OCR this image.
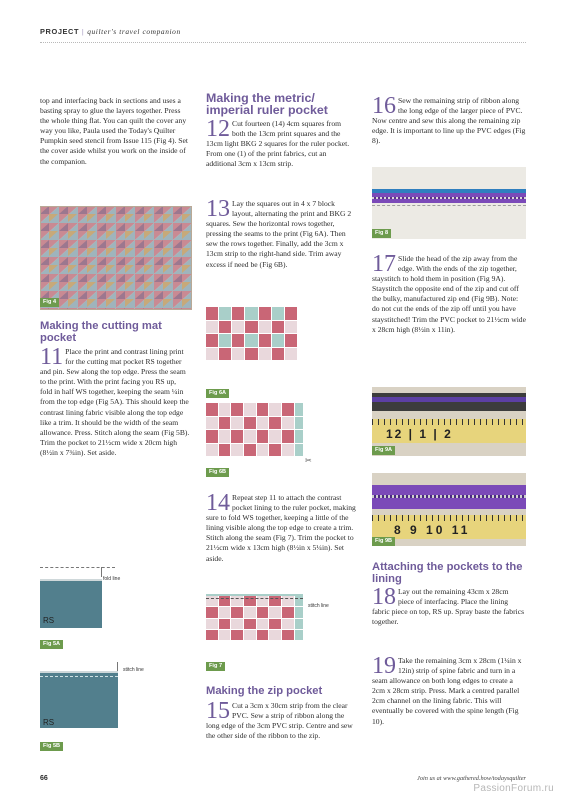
PROJECT | quilter's travel companion
top and interfacing back in sections and uses a basting spray to glue the layers together. Press the whole thing flat. You can quilt the cover any way you like, Paula used the Today's Quilter Pumpkin seed stencil from Issue 115 (Fig 4). Set the cover aside whilst you work on the inside of the companion.
Fig 4
Making the cutting mat pocket
11 Place the print and contrast lining print for the cutting mat pocket RS together and pin. Sew along the top edge. Press the seam to the print. With the print facing you RS up, fold in half WS together, keeping the seam ¼in from the top edge (Fig 5A). This should keep the contrast lining fabric visible along the top edge like a trim. It should be the width of the seam allowance. Press. Stitch along the seam (Fig 5B). Trim the pocket to 21½cm wide x 20cm high (8½in x 7¾in). Set aside.
fold line
RS
Fig 5A
stitch line
RS
Fig 5B
Making the metric/ imperial ruler pocket
12 Cut fourteen (14) 4cm squares from both the 13cm print squares and the 13cm light BKG 2 squares for the ruler pocket. From one (1) of the print fabrics, cut an additional 3cm x 13cm strip.
13 Lay the squares out in 4 x 7 block layout, alternating the print and BKG 2 squares. Sew the horizontal rows together, pressing the seams to the print (Fig 6A). Then sew the rows together. Finally, add the 3cm x 13cm strip to the right-hand side. Trim away excess if need be (Fig 6B).
Fig 6A
✂
Fig 6B
14 Repeat step 11 to attach the contrast pocket lining to the ruler pocket, making sure to fold WS together, keeping a little of the lining visible along the top edge to create a trim. Stitch along the seam (Fig 7). Trim the pocket to 21½cm wide x 13cm high (8½in x 5¼in). Set aside.
stitch line
Fig 7
Making the zip pocket
15 Cut a 3cm x 30cm strip from the clear PVC. Sew a strip of ribbon along the long edge of the 3cm PVC strip. Centre and sew the other side of the ribbon to the zip.
16 Sew the remaining strip of ribbon along the long edge of the larger piece of PVC. Now centre and sew this along the remaining zip edge. It is important to line up the PVC edges (Fig 8).
Fig 8
17 Slide the head of the zip away from the edge. With the ends of the zip together, staystitch to hold them in position (Fig 9A). Staystitch the opposite end of the zip and cut off the bulky, manufactured zip end (Fig 9B). Note: do not cut the ends of the zip off until you have staystitched! Trim the PVC pocket to 21½cm wide x 28cm high (8½in x 11in).
12 | 1 | 2
Fig 9A
8 9 10 11
Fig 9B
Attaching the pockets to the lining
18 Lay out the remaining 43cm x 28cm piece of interfacing. Place the lining fabric piece on top, RS up. Spray baste the fabrics together.
19 Take the remaining 3cm x 28cm (1¼in x 12in) strip of spine fabric and turn in a seam allowance on both long edges to create a 2cm x 28cm strip. Press. Mark a centred parallel 2cm channel on the lining fabric. This will eventually be covered with the spine length (Fig 10).
66	Join us at www.gathered.how/todaysquilter
PassionForum.ru
